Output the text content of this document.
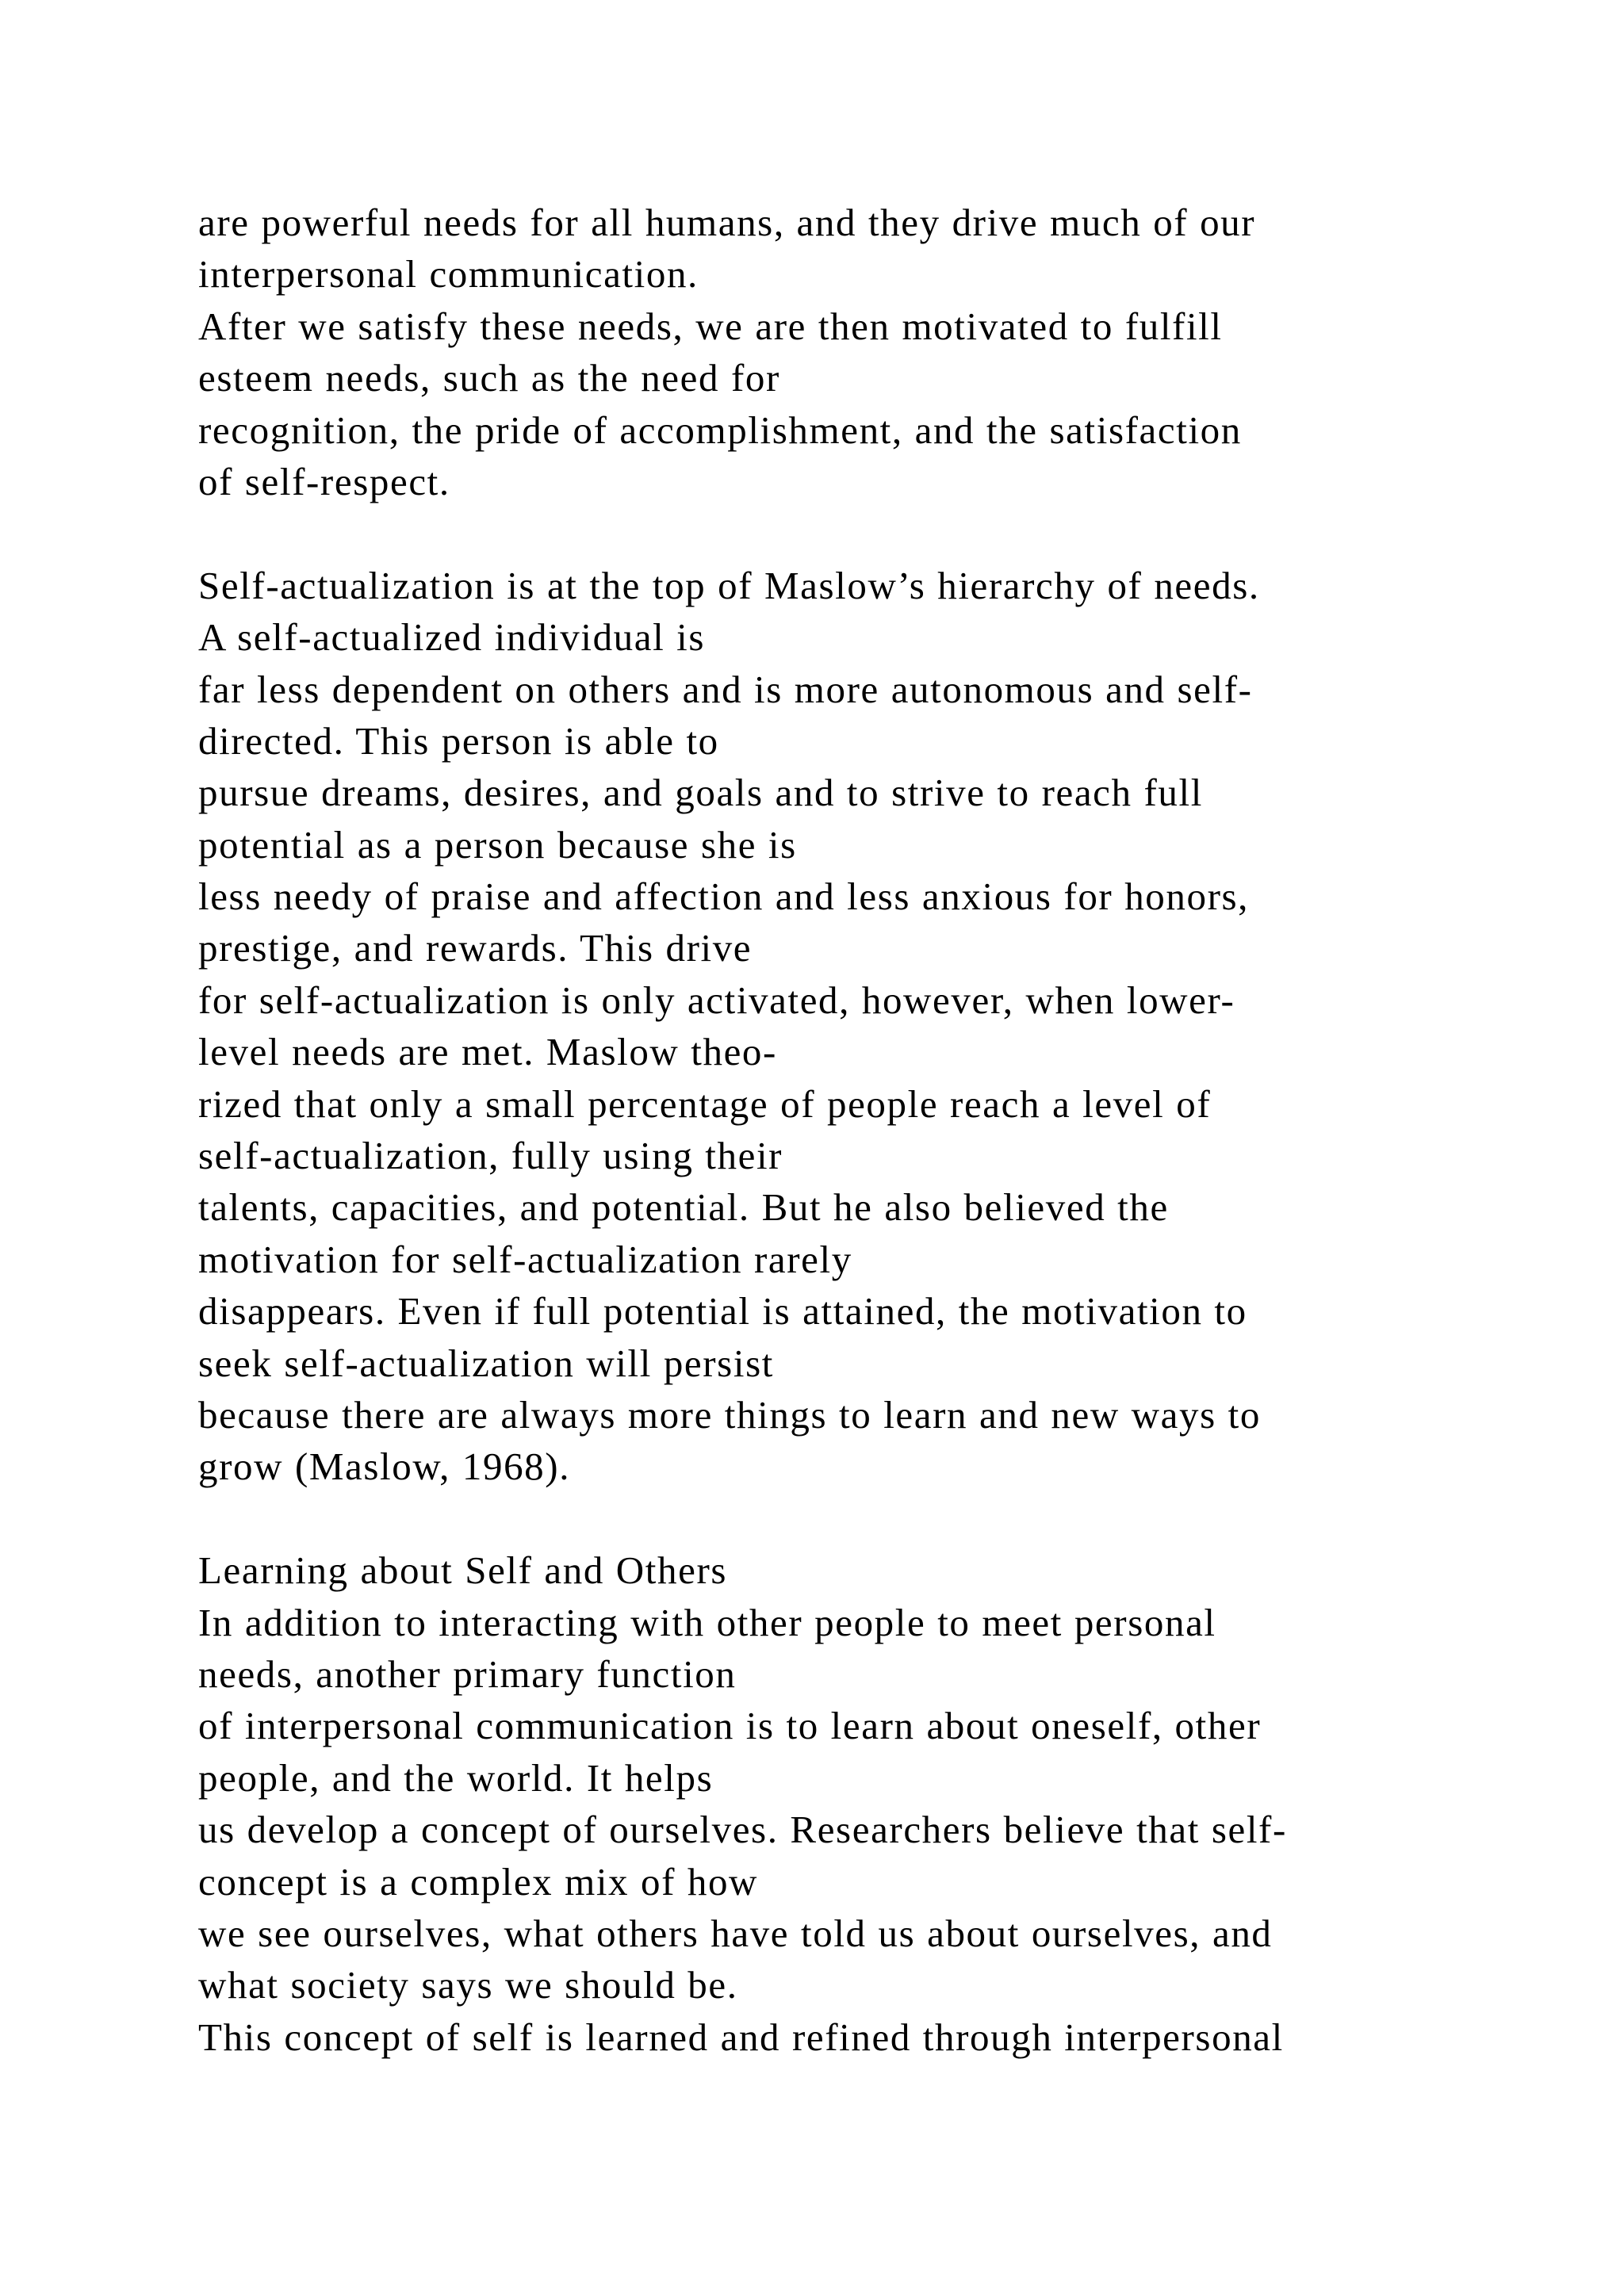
are powerful needs for all humans, and they drive much of our
interpersonal communication.
After we satisfy these needs, we are then motivated to fulfill
esteem needs, such as the need for
recognition, the pride of accomplishment, and the satisfaction
of self-respect.
Self-actualization is at the top of Maslow’s hierarchy of needs.
A self-actualized individual is
far less dependent on others and is more autonomous and self-
directed. This person is able to
pursue dreams, desires, and goals and to strive to reach full
potential as a person because she is
less needy of praise and affection and less anxious for honors,
prestige, and rewards. This drive
for self-actualization is only activated, however, when lower-
level needs are met. Maslow theo-
rized that only a small percentage of people reach a level of
self-actualization, fully using their
talents, capacities, and potential. But he also believed the
motivation for self-actualization rarely
disappears. Even if full potential is attained, the motivation to
seek self-actualization will persist
because there are always more things to learn and new ways to
grow (Maslow, 1968).
Learning about Self and Others
In addition to interacting with other people to meet personal
needs, another primary function
of interpersonal communication is to learn about oneself, other
people, and the world. It helps
us develop a concept of ourselves. Researchers believe that self-
concept is a complex mix of how
we see ourselves, what others have told us about ourselves, and
what society says we should be.
This concept of self is learned and refined through interpersonal
